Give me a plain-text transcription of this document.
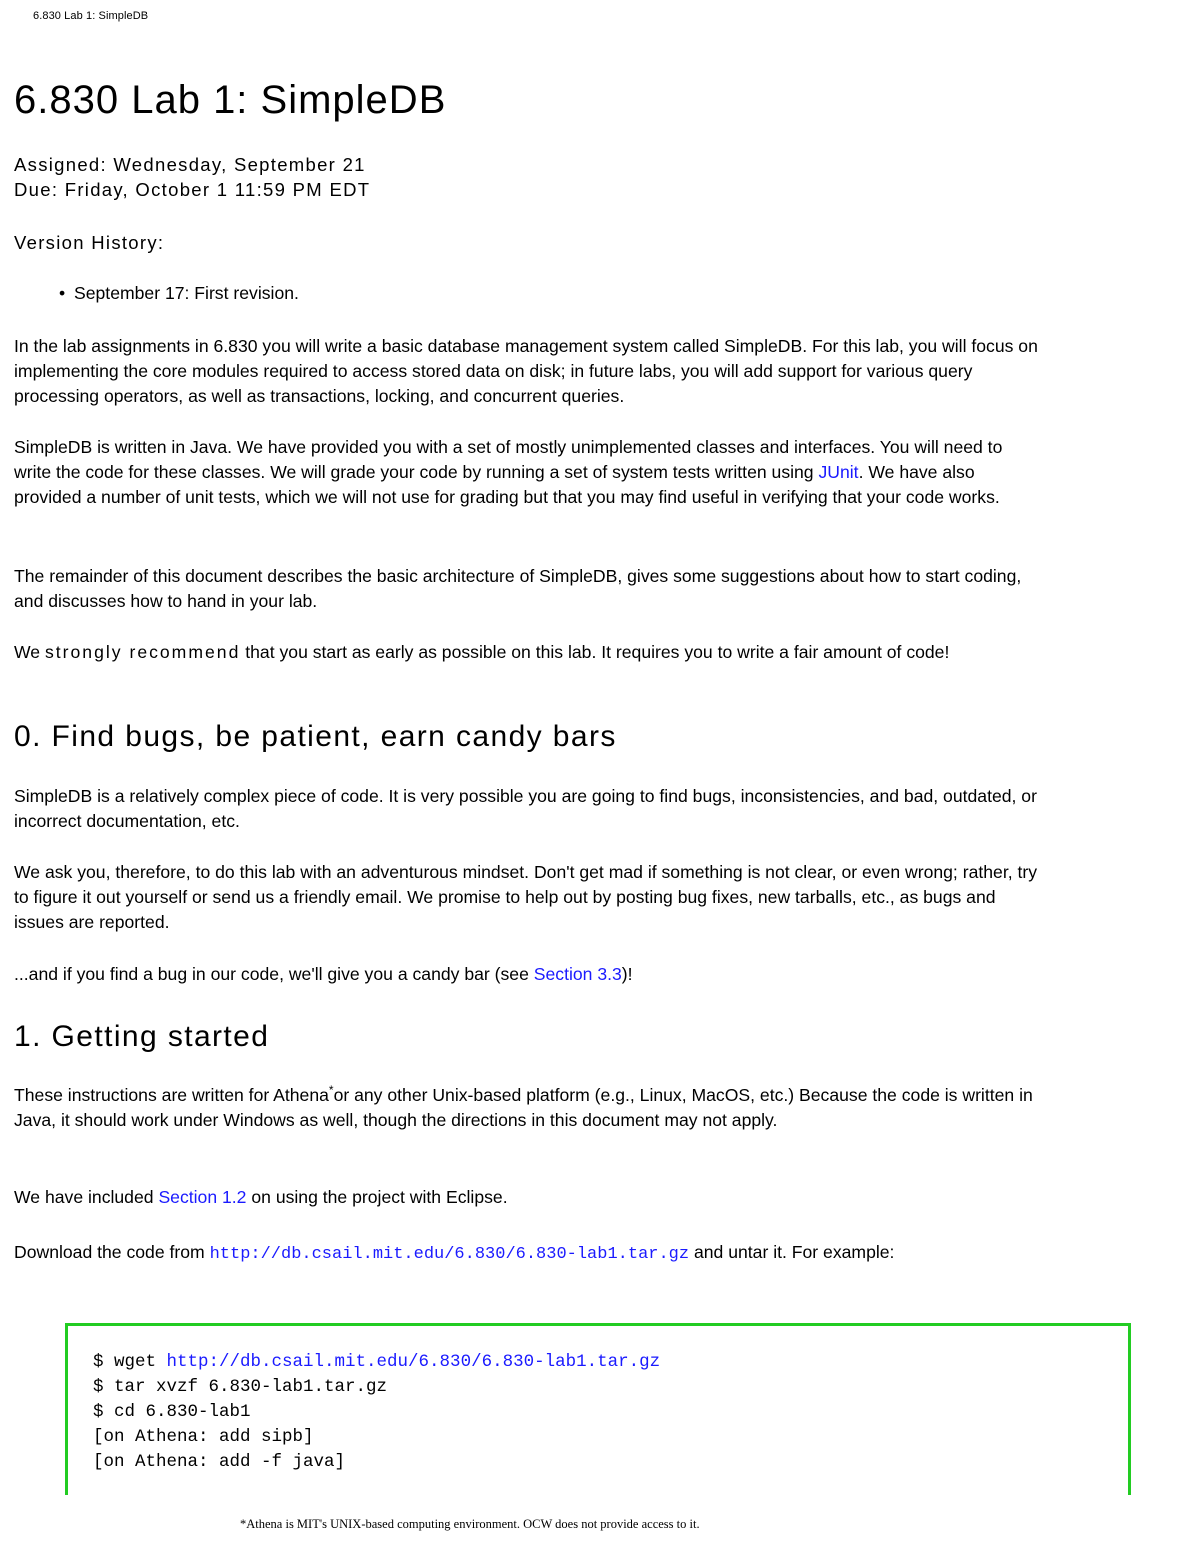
6.830 Lab 1: SimpleDB
6.830 Lab 1: SimpleDB
Assigned: Wednesday, September 21
Due: Friday, October 1 11:59 PM EDT
Version History:
• September 17: First revision.

In the lab assignments in 6.830 you will write a basic database management system called SimpleDB. For this lab, you will focus on implementing the core modules required to access stored data on disk; in future labs, you will add support for various query processing operators, as well as transactions, locking, and concurrent queries.

SimpleDB is written in Java. We have provided you with a set of mostly unimplemented classes and interfaces. You will need to write the code for these classes. We will grade your code by running a set of system tests written using JUnit. We have also provided a number of unit tests, which we will not use for grading but that you may find useful in verifying that your code works.

The remainder of this document describes the basic architecture of SimpleDB, gives some suggestions about how to start coding, and discusses how to hand in your lab.

We strongly recommend that you start as early as possible on this lab. It requires you to write a fair amount of code!

0. Find bugs, be patient, earn candy bars

SimpleDB is a relatively complex piece of code. It is very possible you are going to find bugs, inconsistencies, and bad, outdated, or incorrect documentation, etc.

We ask you, therefore, to do this lab with an adventurous mindset. Don't get mad if something is not clear, or even wrong; rather, try to figure it out yourself or send us a friendly email. We promise to help out by posting bug fixes, new tarballs, etc., as bugs and issues are reported.

...and if you find a bug in our code, we'll give you a candy bar (see Section 3.3)!

1. Getting started

These instructions are written for Athena*or any other Unix-based platform (e.g., Linux, MacOS, etc.) Because the code is written in Java, it should work under Windows as well, though the directions in this document may not apply.

We have included Section 1.2 on using the project with Eclipse.

Download the code from http://db.csail.mit.edu/6.830/6.830-lab1.tar.gz and untar it. For example:

$ wget http://db.csail.mit.edu/6.830/6.830-lab1.tar.gz
$ tar xvzf 6.830-lab1.tar.gz
$ cd 6.830-lab1
[on Athena: add sipb]
[on Athena: add -f java]
*Athena is MIT's UNIX-based computing environment. OCW does not provide access to it.
